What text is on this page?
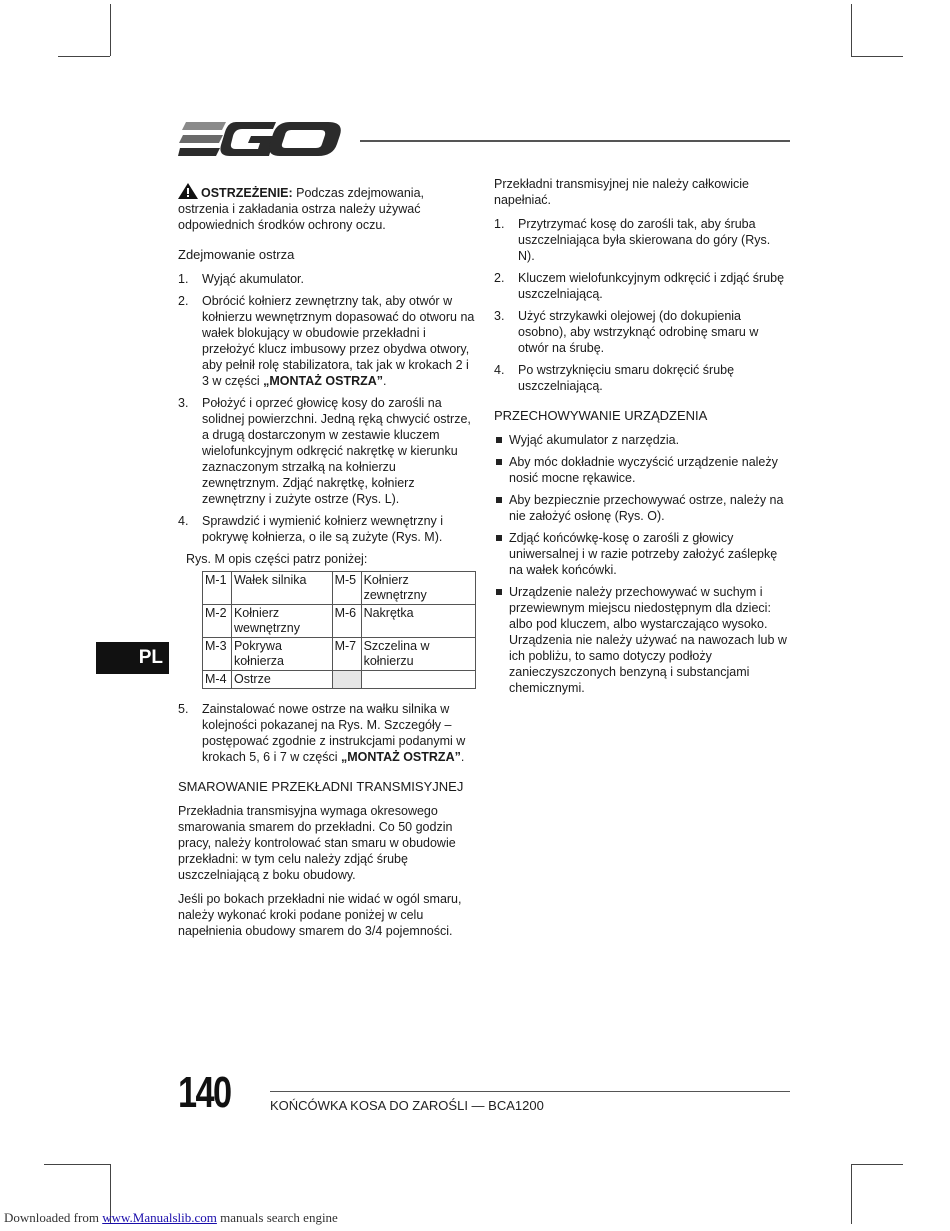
OSTRZEŻENIE: Podczas zdejmowania, ostrzenia i zakładania ostrza należy używać odpowiednich środków ochrony oczu.

Zdejmowanie ostrza
1. Wyjąć akumulator.
2. Obrócić kołnierz zewnętrzny tak, aby otwór w kołnierzu wewnętrznym dopasować do otworu na wałek blokujący w obudowie przekładni i przełożyć klucz imbusowy przez obydwa otwory, aby pełnił rolę stabilizatora, tak jak w krokach 2 i 3 w części „MONTAŻ OSTRZA”.
3. Położyć i oprzeć głowicę kosy do zarośli na solidnej powierzchni. Jedną ręką chwycić ostrze, a drugą dostarczonym w zestawie kluczem wielofunkcyjnym odkręcić nakrętkę w kierunku zaznaczonym strzałką na kołnierzu zewnętrznym. Zdjąć nakrętkę, kołnierz zewnętrzny i zużyte ostrze (Rys. L).
4. Sprawdzić i wymienić kołnierz wewnętrzny i pokrywę kołnierza, o ile są zużyte (Rys. M).
Rys. M opis części patrz poniżej:
M-1	Wałek silnika	M-5	Kołnierz zewnętrzny
M-2	Kołnierz wewnętrzny	M-6	Nakrętka
M-3	Pokrywa kołnierza	M-7	Szczelina w kołnierzu
M-4	Ostrze		
5. Zainstalować nowe ostrze na wałku silnika w kolejności pokazanej na Rys. M. Szczegóły – postępować zgodnie z instrukcjami podanymi w krokach 5, 6 i 7 w części „MONTAŻ OSTRZA”.
SMAROWANIE PRZEKŁADNI TRANSMISYJNEJ

Przekładnia transmisyjna wymaga okresowego smarowania smarem do przekładni. Co 50 godzin pracy, należy kontrolować stan smaru w obudowie przekładni: w tym celu należy zdjąć śrubę uszczelniającą z boku obudowy.

Jeśli po bokach przekładni nie widać w ogól smaru, należy wykonać kroki podane poniżej w celu napełnienia obudowy smarem do 3/4 pojemności.

Przekładni transmisyjnej nie należy całkowicie napełniać.

1. Przytrzymać kosę do zarośli tak, aby śruba uszczelniająca była skierowana do góry (Rys. N).
2. Kluczem wielofunkcyjnym odkręcić i zdjąć śrubę uszczelniającą.
3. Użyć strzykawki olejowej (do dokupienia osobno), aby wstrzyknąć odrobinę smaru w otwór na śrubę.
4. Po wstrzyknięciu smaru dokręcić śrubę uszczelniającą.
PRZECHOWYWANIE URZĄDZENIA
Wyjąć akumulator z narzędzia.
Aby móc dokładnie wyczyścić urządzenie należy nosić mocne rękawice.
Aby bezpiecznie przechowywać ostrze, należy na nie założyć osłonę (Rys. O).
Zdjąć końcówkę-kosę o zarośli z głowicy uniwersalnej i w razie potrzeby założyć zaślepkę na wałek końcówki.
Urządzenie należy przechowywać w suchym i przewiewnym miejscu niedostępnym dla dzieci: albo pod kluczem, albo wystarczająco wysoko. Urządzenia nie należy używać na nawozach lub w ich pobliżu, to samo dotyczy podłoży zanieczyszczonych benzyną i substancjami chemicznymi.
PL
140	KOŃCÓWKA KOSA DO ZAROŚLI — BCA1200
Downloaded from www.Manualslib.com manuals search engine
